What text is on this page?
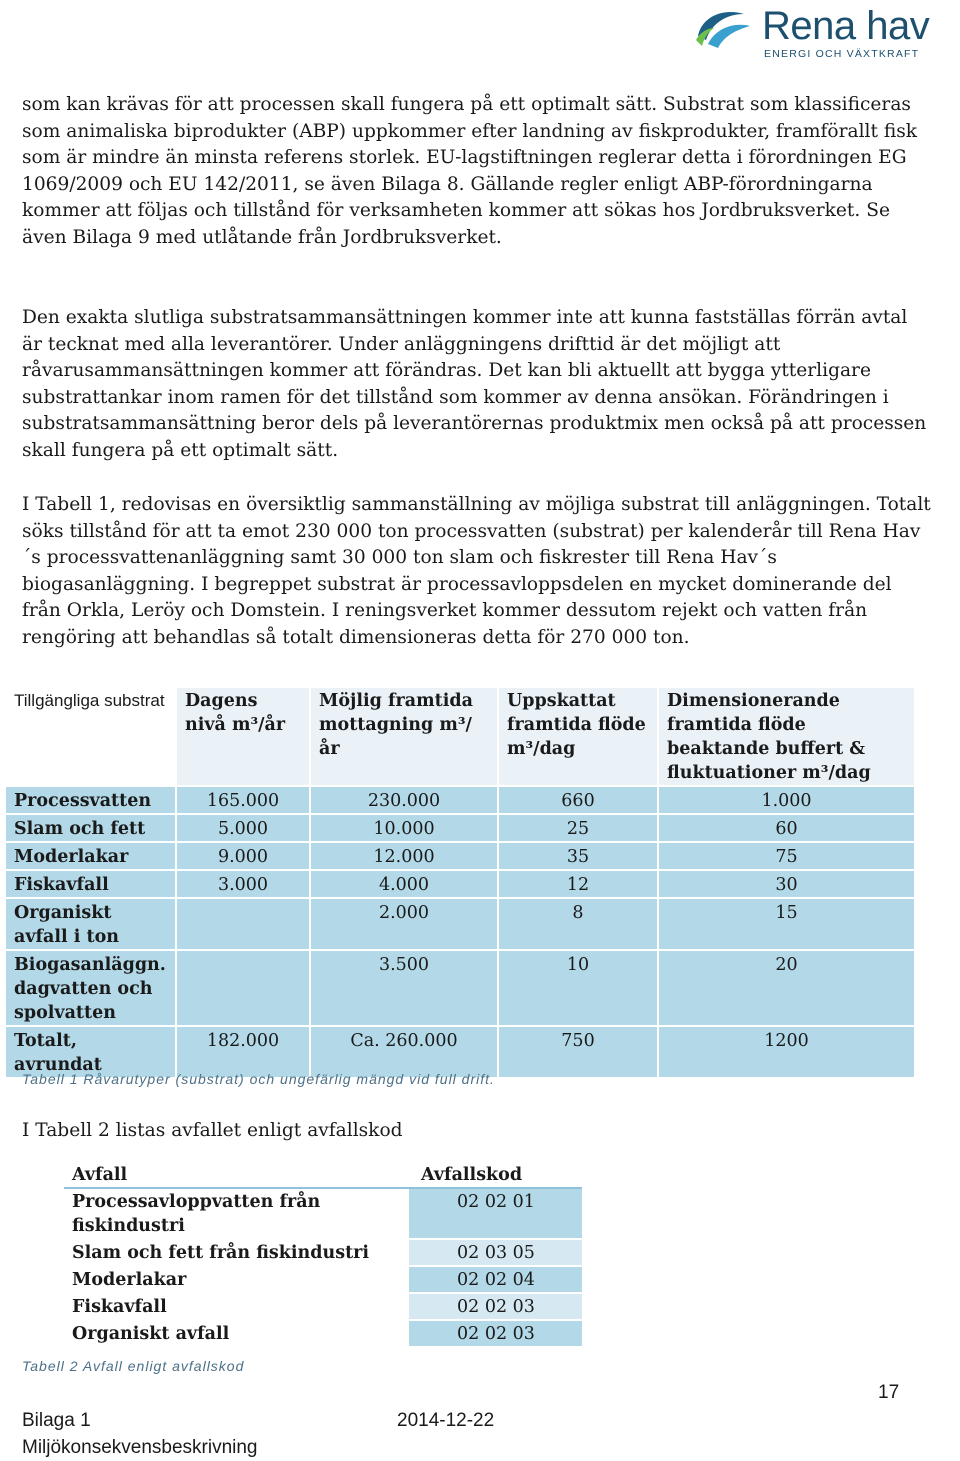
Rena hav
ENERGI OCH VÄXTKRAFT

som kan krävas för att processen skall fungera på ett optimalt sätt. Substrat som klassificeras som animaliska biprodukter (ABP) uppkommer efter landning av fiskprodukter, framförallt fisk som är mindre än minsta referens storlek. EU-lagstiftningen reglerar detta i förordningen EG 1069/2009 och EU 142/2011, se även Bilaga 8. Gällande regler enligt ABP-förordningarna kommer att följas och tillstånd för verksamheten kommer att sökas hos Jordbruksverket. Se även Bilaga 9 med utlåtande från Jordbruksverket.

Den exakta slutliga substratsammansättningen kommer inte att kunna fastställas förrän avtal är tecknat med alla leverantörer. Under anläggningens drifttid är det möjligt att råvarusammansättningen kommer att förändras. Det kan bli aktuellt att bygga ytterligare substrattankar inom ramen för det tillstånd som kommer av denna ansökan. Förändringen i substratsammansättning beror dels på leverantörernas produktmix men också på att processen skall fungera på ett optimalt sätt.

I Tabell 1, redovisas en översiktlig sammanställning av möjliga substrat till anläggningen. Totalt söks tillstånd för att ta emot 230 000 ton processvatten (substrat) per kalenderår till Rena Hav´s processvattenanläggning samt 30 000 ton slam och fiskrester till Rena Hav´s biogasanläggning. I begreppet substrat är processavloppsdelen en mycket dominerande del från Orkla, Leröy och Domstein. I reningsverket kommer dessutom rejekt och vatten från rengöring att behandlas så totalt dimensioneras detta för 270 000 ton.

Tillgängliga substrat	Dagens nivå m³/år	Möjlig framtida mottagning m³/år	Uppskattat framtida flöde m³/dag	Dimensionerande framtida flöde beaktande buffert & fluktuationer m³/dag
Processvatten	165.000	230.000	660	1.000
Slam och fett	5.000	10.000	25	60
Moderlakar	9.000	12.000	35	75
Fiskavfall	3.000	4.000	12	30
Organiskt avfall i ton		2.000	8	15
Biogasanläggn. dagvatten och spolvatten		3.500	10	20
Totalt, avrundat	182.000	Ca. 260.000	750	1200
Tabell 1 Råvarutyper (substrat) och ungefärlig mängd vid full drift.

I Tabell 2 listas avfallet enligt avfallskod

Avfall	Avfallskod
Processavloppvatten från fiskindustri	02 02 01
Slam och fett från fiskindustri	02 03 05
Moderlakar	02 02 04
Fiskavfall	02 02 03
Organiskt avfall	02 02 03
Tabell 2 Avfall enligt avfallskod
17
Bilaga 1	2014-12-22
Miljökonsekvensbeskrivning
